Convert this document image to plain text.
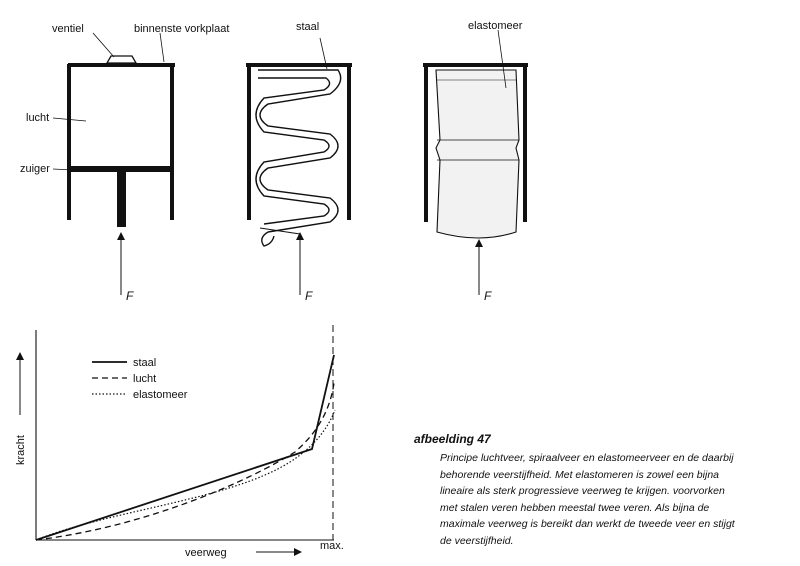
ventiel	binnenste vorkplaat
lucht
zuiger
F
staal
F
elastomeer
F
staal
lucht
elastomeer
kracht
veerweg
max.

afbeelding 47

Principe luchtveer, spiraalveer en elastomeerveer en de daarbij
behorende veerstijfheid. Met elastomeren is zowel een bijna
lineaire als sterk progressieve veerweg te krijgen. voorvorken
met stalen veren hebben meestal twee veren. Als bijna de
maximale veerweg is bereikt dan werkt de tweede veer en stijgt
de veerstijfheid.
